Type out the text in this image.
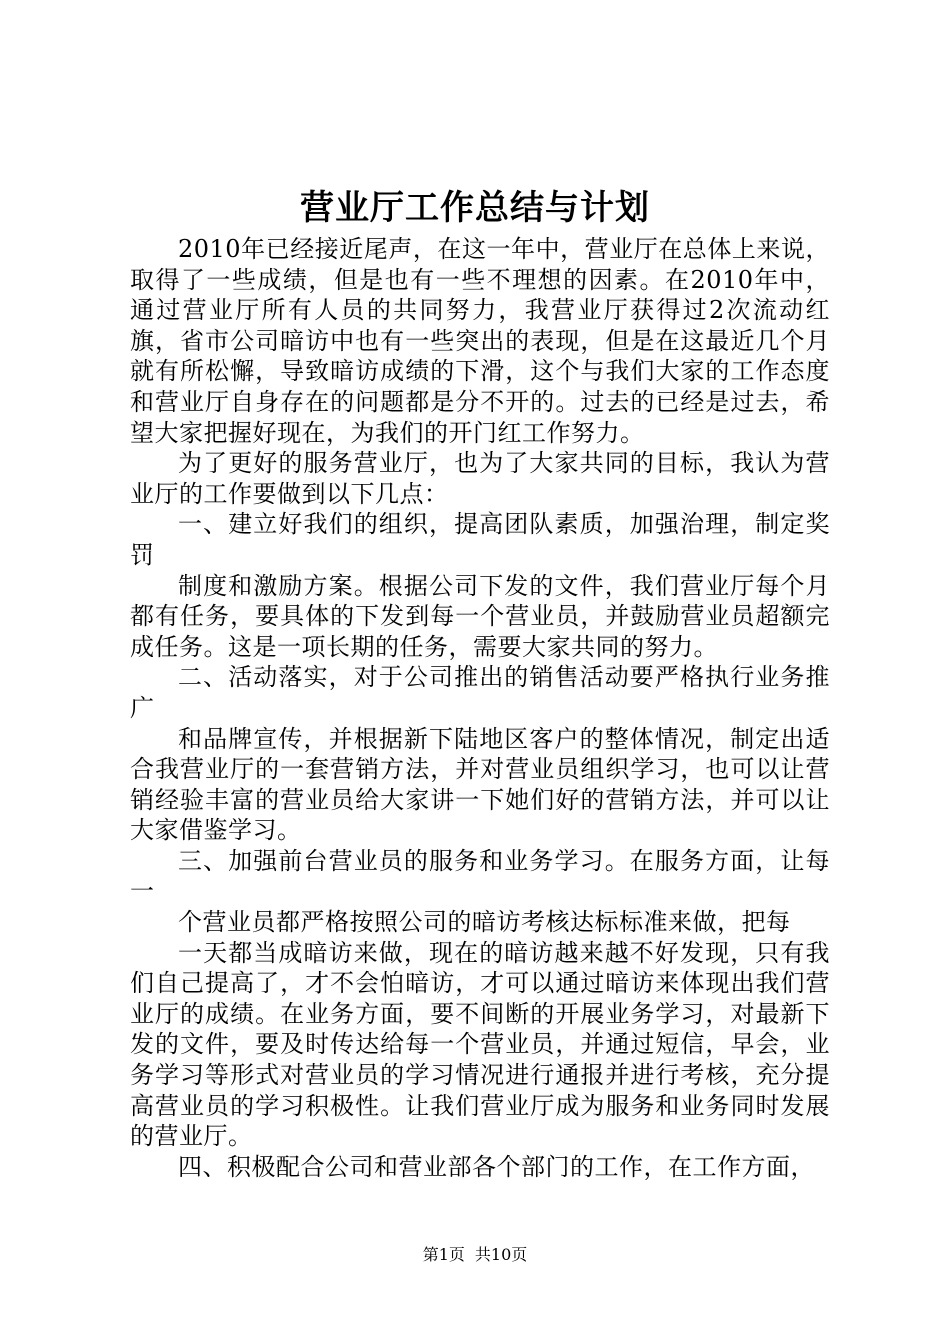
营业厅工作总结与计划

2010年已经接近尾声，在这一年中，营业厅在总体上来说，取得了一些成绩，但是也有一些不理想的因素。在2010年中，通过营业厅所有人员的共同努力，我营业厅获得过2次流动红旗，省市公司暗访中也有一些突出的表现，但是在这最近几个月就有所松懈，导致暗访成绩的下滑，这个与我们大家的工作态度和营业厅自身存在的问题都是分不开的。过去的已经是过去，希望大家把握好现在，为我们的开门红工作努力。

为了更好的服务营业厅，也为了大家共同的目标，我认为营业厅的工作要做到以下几点：

一、建立好我们的组织，提高团队素质，加强治理，制定奖罚

制度和激励方案。根据公司下发的文件，我们营业厅每个月都有任务，要具体的下发到每一个营业员，并鼓励营业员超额完成任务。这是一项长期的任务，需要大家共同的努力。

二、活动落实，对于公司推出的销售活动要严格执行业务推广

和品牌宣传，并根据新下陆地区客户的整体情况，制定出适合我营业厅的一套营销方法，并对营业员组织学习，也可以让营销经验丰富的营业员给大家讲一下她们好的营销方法，并可以让大家借鉴学习。

三、加强前台营业员的服务和业务学习。在服务方面，让每一

个营业员都严格按照公司的暗访考核达标标准来做，把每

一天都当成暗访来做，现在的暗访越来越不好发现，只有我们自己提高了，才不会怕暗访，才可以通过暗访来体现出我们营业厅的成绩。在业务方面，要不间断的开展业务学习，对最新下发的文件，要及时传达给每一个营业员，并通过短信，早会，业务学习等形式对营业员的学习情况进行通报并进行考核，充分提高营业员的学习积极性。让我们营业厅成为服务和业务同时发展的营业厅。

四、积极配合公司和营业部各个部门的工作，在工作方面，

第1页 共10页
